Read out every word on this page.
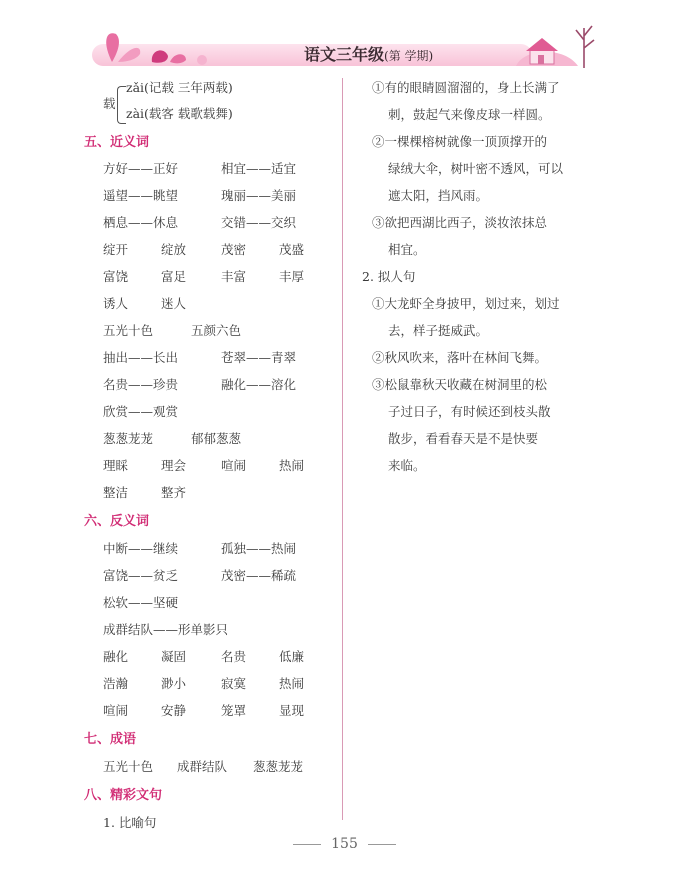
语文三年级(第 学期)
载
zǎi(记载 三年两载)
zài(载客 载歌载舞)
五、近义词
方好——正好	相宜——适宜
遥望——眺望	瑰丽——美丽
栖息——休息	交错——交织
绽开	绽放	茂密	茂盛
富饶	富足	丰富	丰厚
诱人	迷人
五光十色	五颜六色
抽出——长出	苍翠——青翠
名贵——珍贵	融化——溶化
欣赏——观赏
葱葱茏茏	郁郁葱葱
理睬	理会	喧闹	热闹
整洁	整齐
六、反义词
中断——继续	孤独——热闹
富饶——贫乏	茂密——稀疏
松软——坚硬
成群结队——形单影只
融化	凝固	名贵	低廉
浩瀚	渺小	寂寞	热闹
喧闹	安静	笼罩	显现
七、成语
五光十色 成群结队 葱葱茏茏
八、精彩文句
1. 比喻句
①有的眼睛圆溜溜的，身上长满了
刺，鼓起气来像皮球一样圆。
②一棵棵榕树就像一顶顶撑开的
绿绒大伞，树叶密不透风，可以
遮太阳，挡风雨。
③欲把西湖比西子，淡妆浓抹总
相宜。
2. 拟人句
①大龙虾全身披甲，划过来，划过
去，样子挺威武。
②秋风吹来，落叶在林间飞舞。
③松鼠靠秋天收藏在树洞里的松
子过日子，有时候还到枝头散
散步，看看春天是不是快要
来临。
155
